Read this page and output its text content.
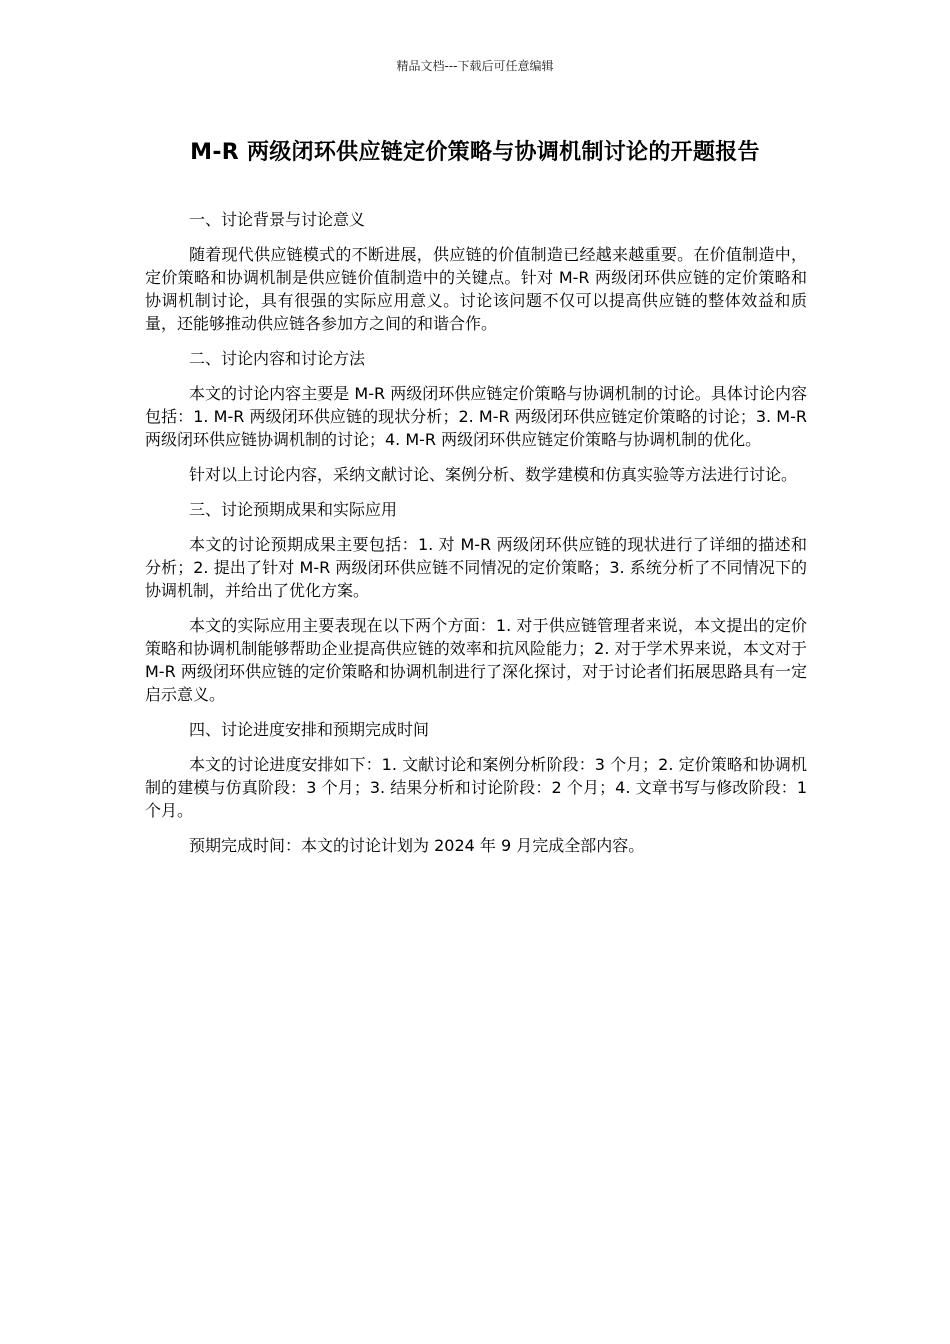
精品文档---下载后可任意编辑
M-R 两级闭环供应链定价策略与协调机制讨论的开题报告

一、讨论背景与讨论意义

随着现代供应链模式的不断进展，供应链的价值制造已经越来越重要。在价值制造中，定价策略和协调机制是供应链价值制造中的关键点。针对 M-R 两级闭环供应链的定价策略和协调机制讨论，具有很强的实际应用意义。讨论该问题不仅可以提高供应链的整体效益和质量，还能够推动供应链各参加方之间的和谐合作。

二、讨论内容和讨论方法

本文的讨论内容主要是 M-R 两级闭环供应链定价策略与协调机制的讨论。具体讨论内容包括：1. M-R 两级闭环供应链的现状分析；2. M-R 两级闭环供应链定价策略的讨论；3. M-R 两级闭环供应链协调机制的讨论；4. M-R 两级闭环供应链定价策略与协调机制的优化。

针对以上讨论内容，采纳文献讨论、案例分析、数学建模和仿真实验等方法进行讨论。

三、讨论预期成果和实际应用

本文的讨论预期成果主要包括：1. 对 M-R 两级闭环供应链的现状进行了详细的描述和分析；2. 提出了针对 M-R 两级闭环供应链不同情况的定价策略；3. 系统分析了不同情况下的协调机制，并给出了优化方案。

本文的实际应用主要表现在以下两个方面：1. 对于供应链管理者来说，本文提出的定价策略和协调机制能够帮助企业提高供应链的效率和抗风险能力；2. 对于学术界来说，本文对于 M-R 两级闭环供应链的定价策略和协调机制进行了深化探讨，对于讨论者们拓展思路具有一定启示意义。

四、讨论进度安排和预期完成时间

本文的讨论进度安排如下：1. 文献讨论和案例分析阶段：3 个月；2. 定价策略和协调机制的建模与仿真阶段：3 个月；3. 结果分析和讨论阶段：2 个月；4. 文章书写与修改阶段：1 个月。

预期完成时间：本文的讨论计划为 2024 年 9 月完成全部内容。
